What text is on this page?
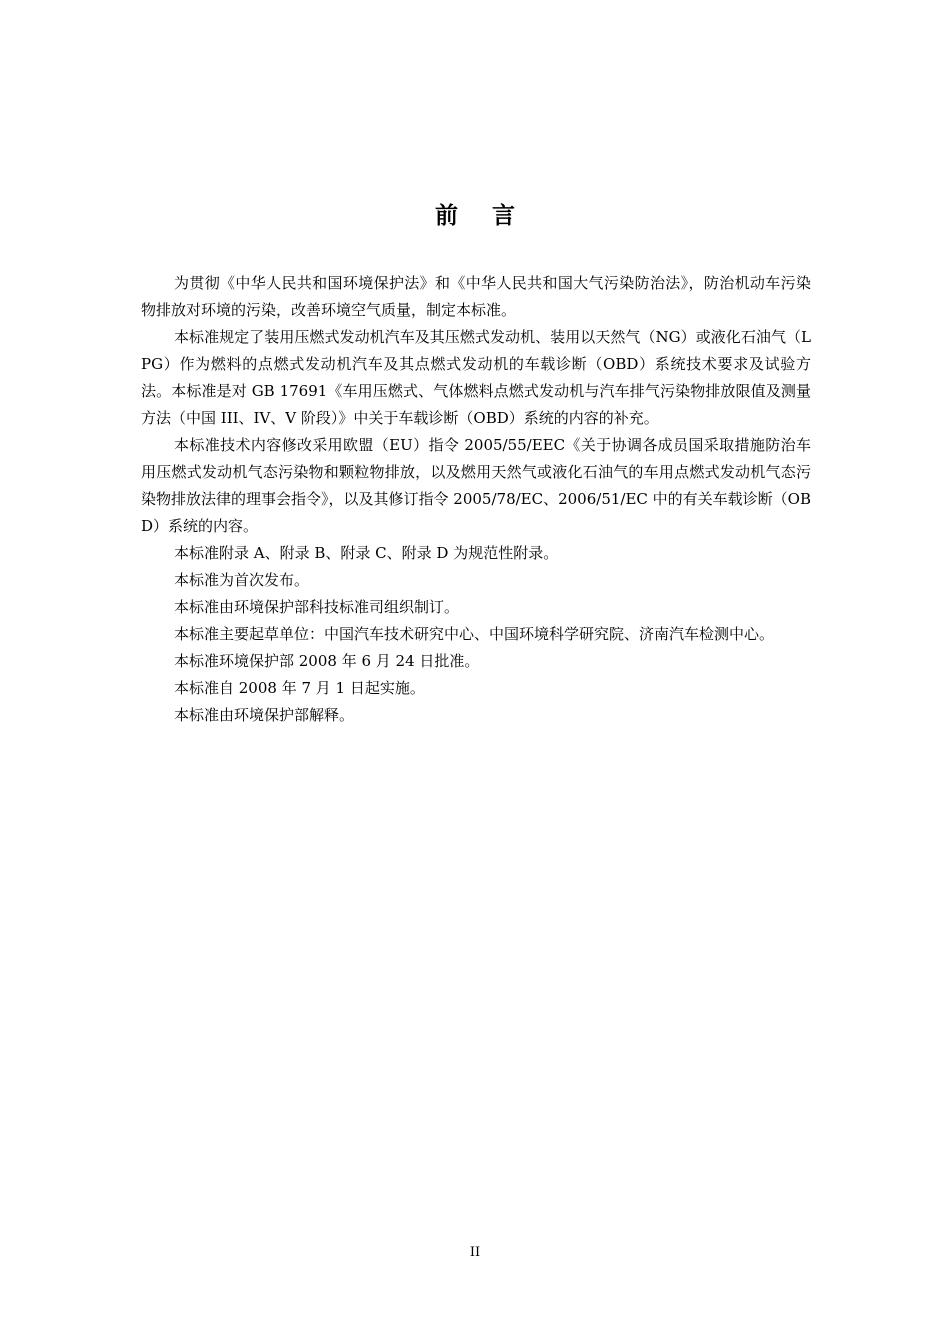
前言

为贯彻《中华人民共和国环境保护法》和《中华人民共和国大气污染防治法》，防治机动车污染物排放对环境的污染，改善环境空气质量，制定本标准。

本标准规定了装用压燃式发动机汽车及其压燃式发动机、装用以天然气（NG）或液化石油气（LPG）作为燃料的点燃式发动机汽车及其点燃式发动机的车载诊断（OBD）系统技术要求及试验方法。本标准是对 GB 17691《车用压燃式、气体燃料点燃式发动机与汽车排气污染物排放限值及测量方法（中国 III、IV、V 阶段）》中关于车载诊断（OBD）系统的内容的补充。

本标准技术内容修改采用欧盟（EU）指令 2005/55/EEC《关于协调各成员国采取措施防治车用压燃式发动机气态污染物和颗粒物排放，以及燃用天然气或液化石油气的车用点燃式发动机气态污染物排放法律的理事会指令》，以及其修订指令 2005/78/EC、2006/51/EC 中的有关车载诊断（OBD）系统的内容。

本标准附录 A、附录 B、附录 C、附录 D 为规范性附录。

本标准为首次发布。

本标准由环境保护部科技标准司组织制订。

本标准主要起草单位：中国汽车技术研究中心、中国环境科学研究院、济南汽车检测中心。

本标准环境保护部 2008 年 6 月 24 日批准。

本标准自 2008 年 7 月 1 日起实施。

本标准由环境保护部解释。

II
